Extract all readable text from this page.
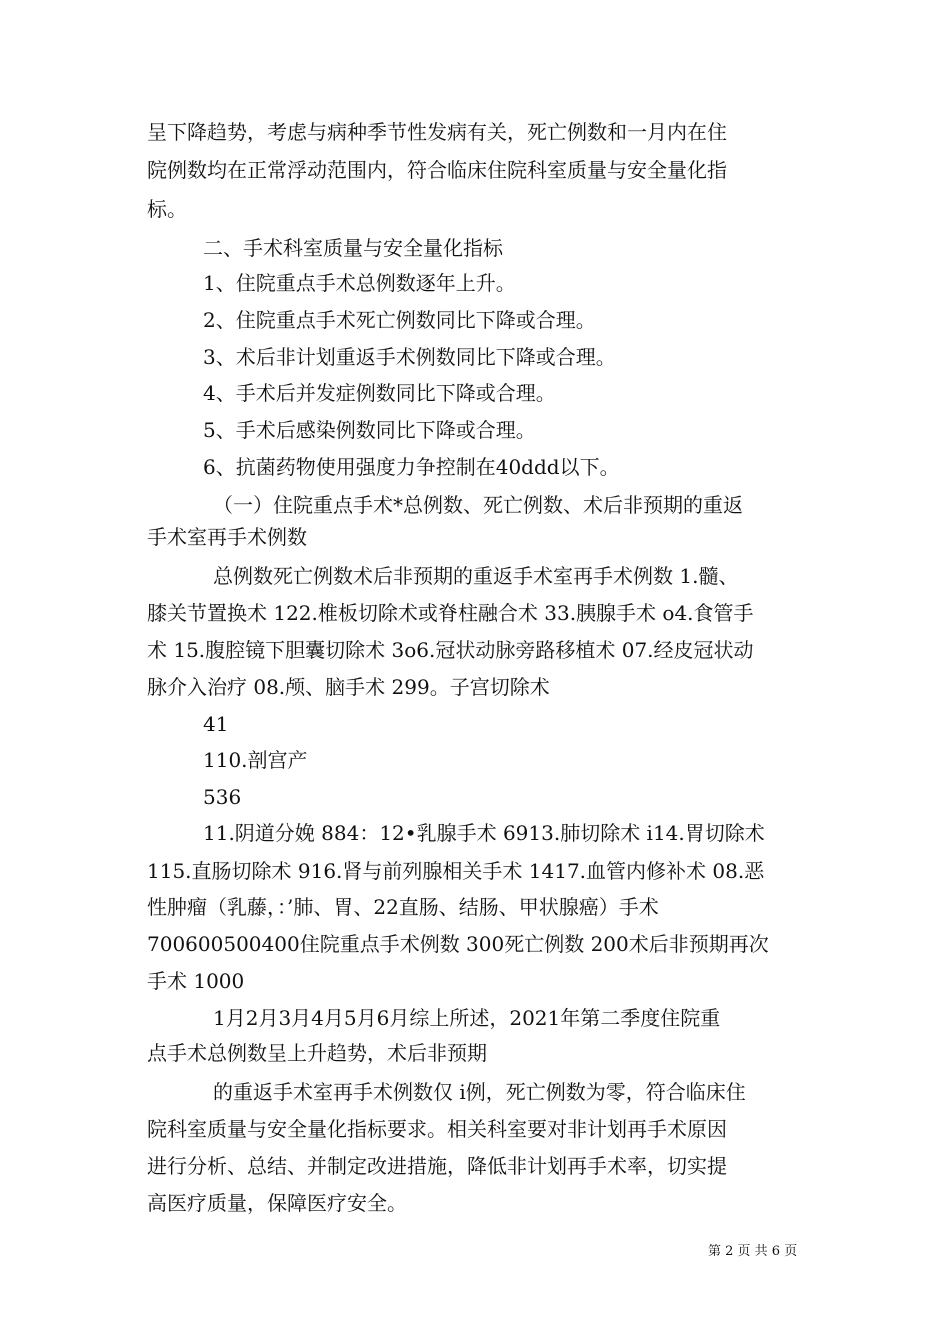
呈下降趋势，考虑与病种季节性发病有关，死亡例数和一月内在住
院例数均在正常浮动范围内，符合临床住院科室质量与安全量化指
标。
二、手术科室质量与安全量化指标
1、住院重点手术总例数逐年上升。
2、住院重点手术死亡例数同比下降或合理。
3、术后非计划重返手术例数同比下降或合理。
4、手术后并发症例数同比下降或合理。
5、手术后感染例数同比下降或合理。
6、抗菌药物使用强度力争控制在40ddd以下。
（一）住院重点手术*总例数、死亡例数、术后非预期的重返
手术室再手术例数
总例数死亡例数术后非预期的重返手术室再手术例数 1.髓、
膝关节置换术 122.椎板切除术或脊柱融合术 33.胰腺手术 o4.食管手
术 15.腹腔镜下胆囊切除术 3o6.冠状动脉旁路移植术 07.经皮冠状动
脉介入治疗 08.颅、脑手术 299。子宫切除术
41
110.剖宫产
536
11.阴道分娩 884：12•乳腺手术 6913.肺切除术 i14.胃切除术
115.直肠切除术 916.肾与前列腺相关手术 1417.血管内修补术 08.恶
性肿瘤（乳藤，：’肺、胃、22直肠、结肠、甲状腺癌）手术
700600500400住院重点手术例数 300死亡例数 200术后非预期再次
手术 1000
1月2月3月4月5月6月综上所述，2021年第二季度住院重
点手术总例数呈上升趋势，术后非预期
的重返手术室再手术例数仅 i例，死亡例数为零，符合临床住
院科室质量与安全量化指标要求。相关科室要对非计划再手术原因
进行分析、总结、并制定改进措施，降低非计划再手术率，切实提
高医疗质量，保障医疗安全。
第 2 页 共 6 页
